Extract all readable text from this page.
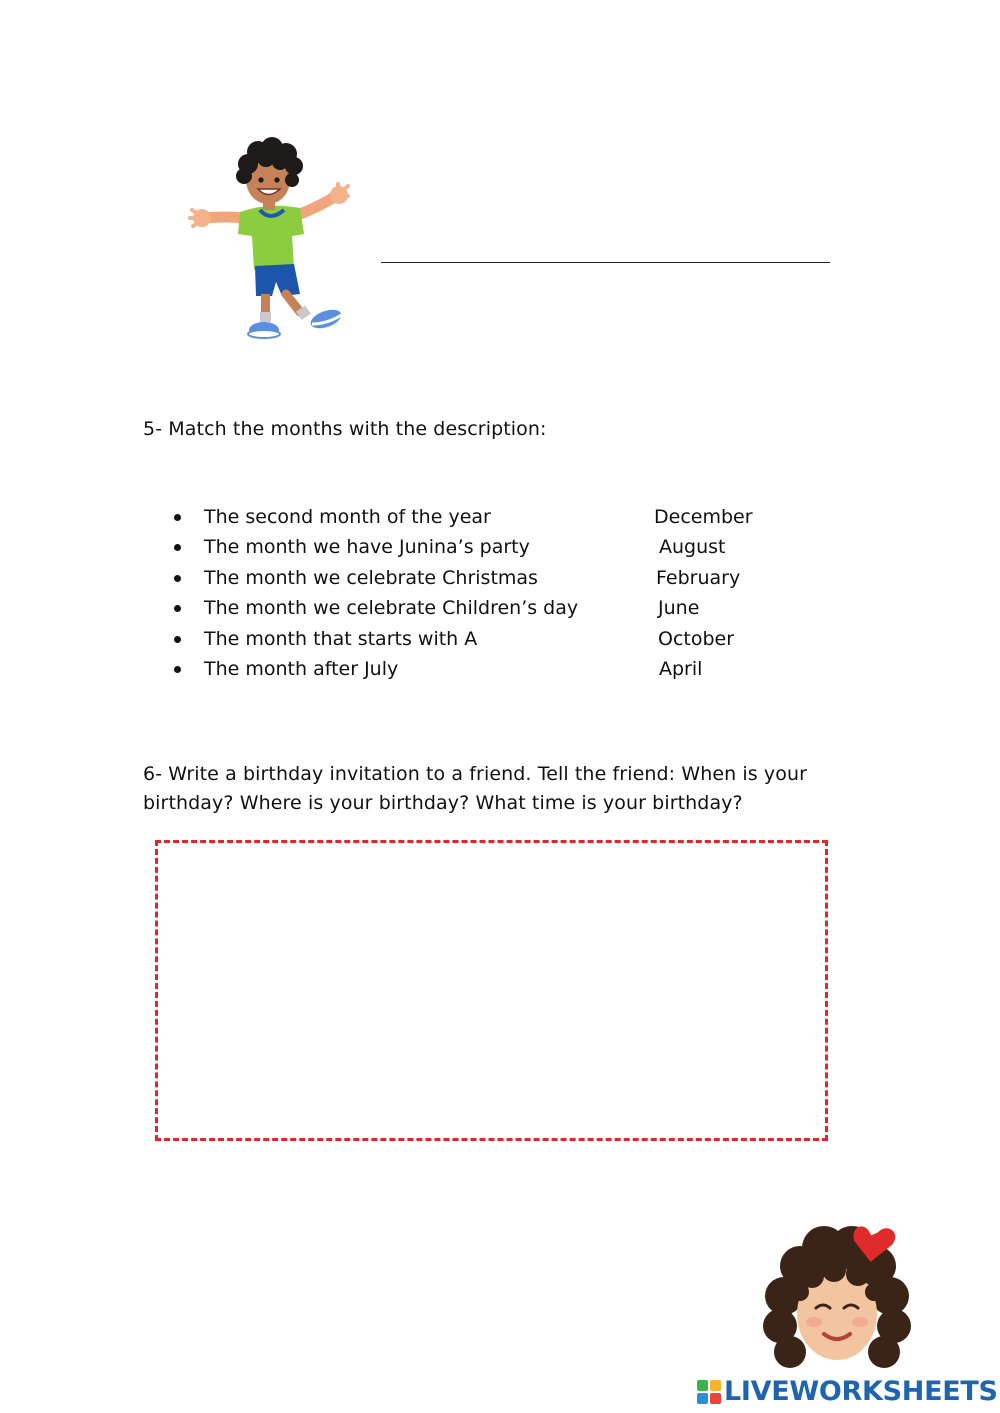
5- Match the months with the description:
The second month of the year	December
The month we have Junina’s party	August
The month we celebrate Christmas	February
The month we celebrate Children’s day	June
The month that starts with A	October
The month after July	April
6- Write a birthday invitation to a friend. Tell the friend: When is your birthday? Where is your birthday? What time is your birthday?
LIVEWORKSHEETS
